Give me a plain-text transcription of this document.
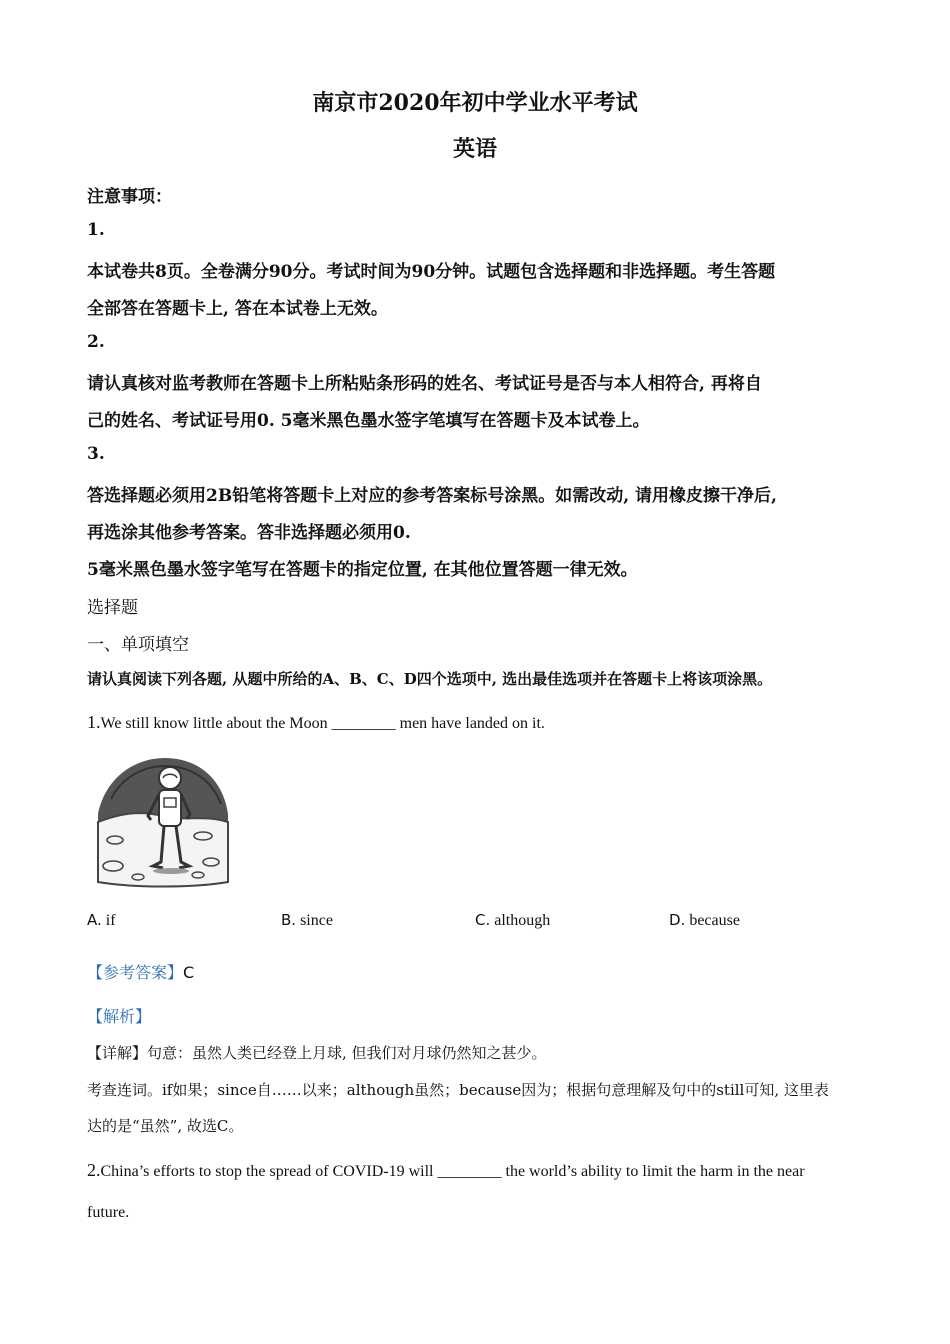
南京市2020年初中学业水平考试
英语
注意事项：
1.
本试卷共8页。全卷满分90分。考试时间为90分钟。试题包含选择题和非选择题。考生答题
全部答在答题卡上, 答在本试卷上无效。
2.
请认真核对监考教师在答题卡上所粘贴条形码的姓名、考试证号是否与本人相符合, 再将自
己的姓名、考试证号用0. 5毫米黑色墨水签字笔填写在答题卡及本试卷上。
3.
答选择题必须用2B铅笔将答题卡上对应的参考答案标号涂黑。如需改动, 请用橡皮擦干净后,
再选涂其他参考答案。答非选择题必须用0.
5毫米黑色墨水签字笔写在答题卡的指定位置, 在其他位置答题一律无效。
选择题
一、单项填空
请认真阅读下列各题, 从题中所给的A、B、C、D四个选项中, 选出最佳选项并在答题卡上将该项涂黑。
1.We still know little about the Moon ________ men have landed on it.
A. if	B. since	C. although	D. because
【参考答案】C
【解析】
【详解】句意：虽然人类已经登上月球, 但我们对月球仍然知之甚少。
考查连词。if如果；since自……以来；although虽然；because因为；根据句意理解及句中的still可知, 这里表
达的是“虽然”, 故选C。
2.China’s efforts to stop the spread of COVID-19 will ________ the world’s ability to limit the harm in the near
future.
